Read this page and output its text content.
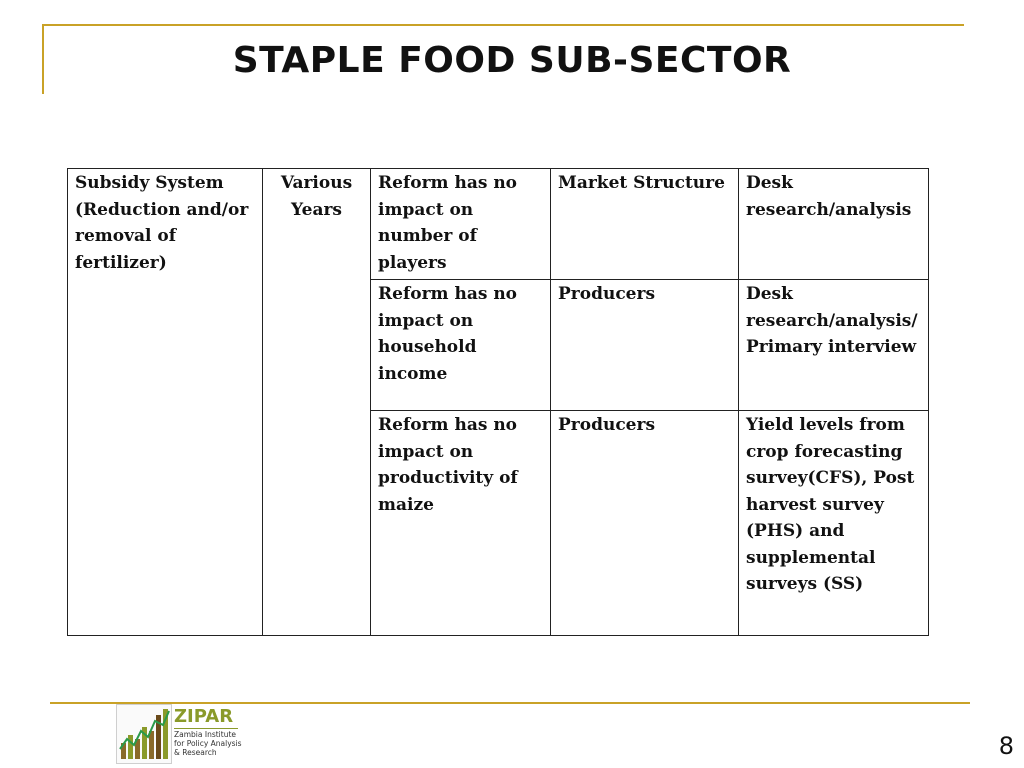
STAPLE FOOD SUB-SECTOR
Subsidy System (Reduction and/or removal of fertilizer)	Various Years	Reform has no impact on number of players	Market Structure	Desk research/analysis
		Reform has no impact on household income	Producers	Desk research/analysis/ Primary interview
		Reform has no impact on productivity of maize	Producers	Yield levels from crop forecasting survey(CFS), Post harvest survey (PHS) and supplemental surveys (SS)
ZIPAR
Zambia Institute for Policy Analysis & Research	8
